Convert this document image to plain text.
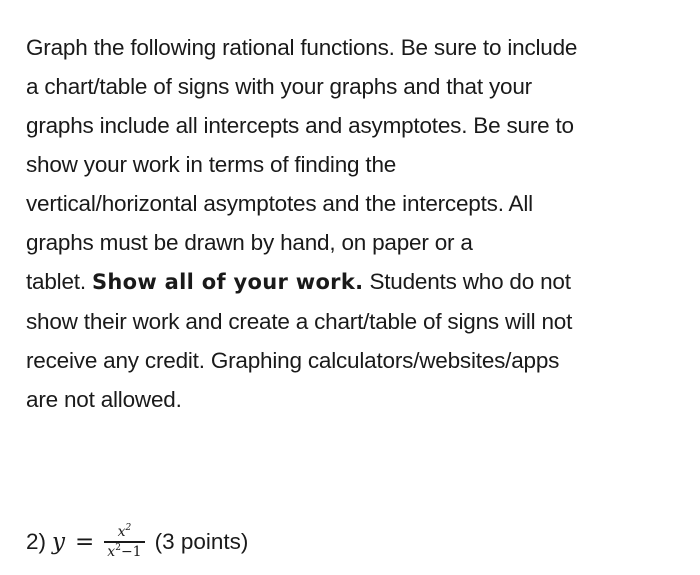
Graph the following rational functions. Be sure to include
a chart/table of signs with your graphs and that your
graphs include all intercepts and asymptotes. Be sure to
show your work in terms of finding the
vertical/horizontal asymptotes and the intercepts. All
graphs must be drawn by hand, on paper or a
tablet. Show all of your work. Students who do not
show their work and create a chart/table of signs will not
receive any credit. Graphing calculators/websites/apps
are not allowed.
2) $y = \frac{x^2}{x^2-1} (3$ points)
